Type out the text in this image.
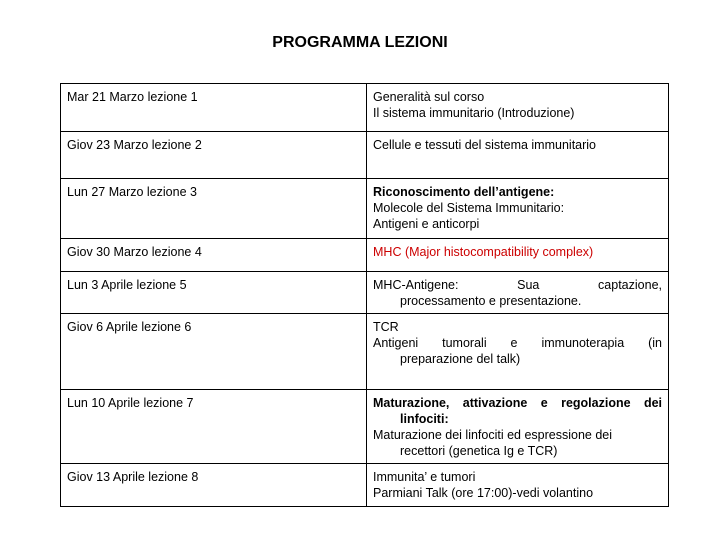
PROGRAMMA LEZIONI
Mar 21 Marzo lezione 1	Generalità sul corso
Il sistema immunitario (Introduzione)

Giov 23 Marzo lezione 2	Cellule e tessuti del sistema immunitario

Lun 27 Marzo lezione 3	Riconoscimento dell’antigene:
Molecole del Sistema Immunitario:
Antigeni e anticorpi

Giov 30 Marzo lezione 4	MHC (Major histocompatibility complex)

Lun 3 Aprile lezione 5	MHC-Antigene: Sua captazione,
processamento e presentazione.

Giov 6 Aprile lezione 6	TCR
Antigeni tumorali e immunoterapia (in
preparazione del talk)

Lun 10 Aprile lezione 7	Maturazione, attivazione e regolazione dei
linfociti:
Maturazione dei linfociti ed espressione dei
recettori (genetica Ig e TCR)

Giov 13 Aprile lezione 8	Immunita’ e tumori
Parmiani Talk (ore 17:00)-vedi volantino
